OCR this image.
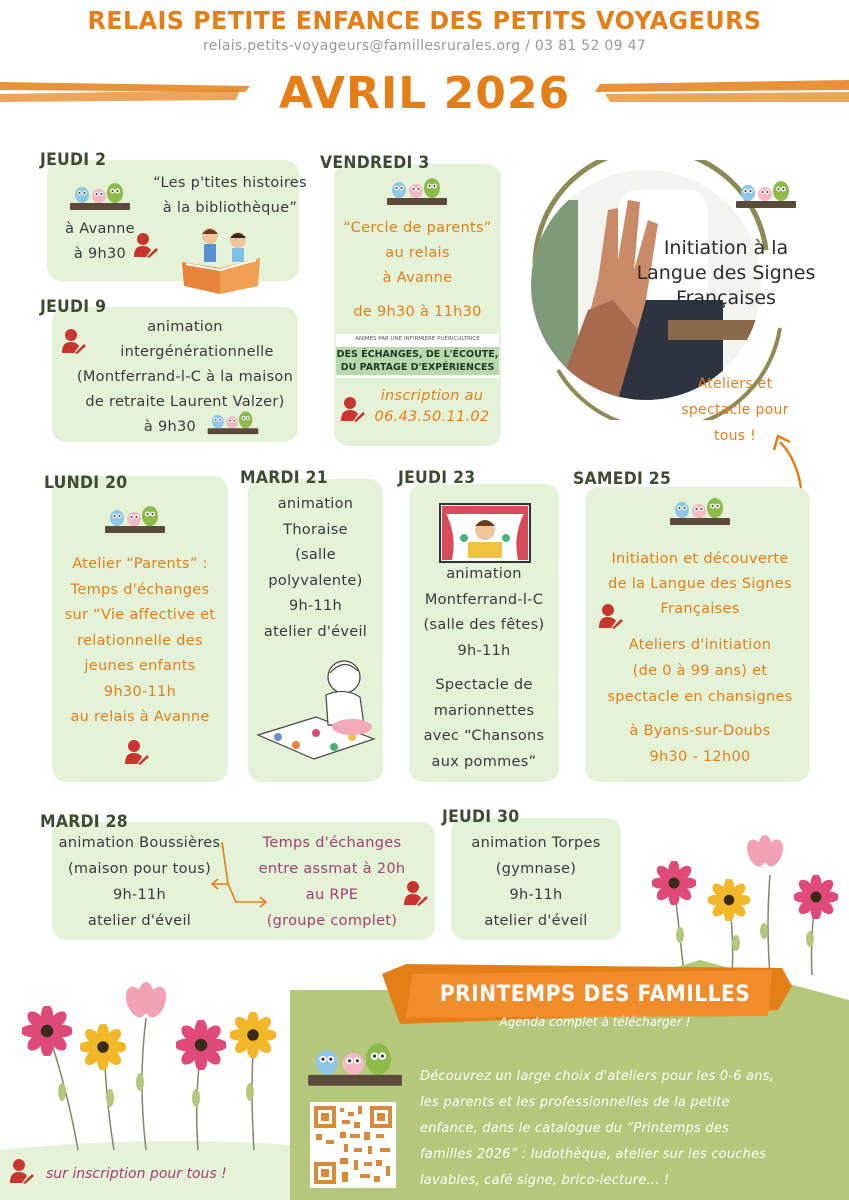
RELAIS PETITE ENFANCE DES PETITS VOYAGEURS
relais.petits-voyageurs@famillesrurales.org / 03 81 52 09 47
AVRIL 2026
JEUDI 2
“Les p'tites histoires
à la bibliothèque”
à Avanne
à 9h30
JEUDI 9
animation
intergénérationnelle
(Montferrand-l-C à la maison
de retraite Laurent Valzer)
à 9h30
VENDREDI 3
“Cercle de parents”
au relais
à Avanne
de 9h30 à 11h30
ANIMÉS PAR UNE INFIRMIÈRE PUÉRICULTRICE
DES ÉCHANGES, DE L'ÉCOUTE,
DU PARTAGE D'EXPÉRIENCES
inscription au
06.43.50.11.02
Initiation à la
Langue des Signes
Françaises
Ateliers et
spectacle pour
tous !
LUNDI 20
Atelier “Parents” :
Temps d'échanges
sur “Vie affective et
relationnelle des
jeunes enfants
9h30-11h
au relais à Avanne
MARDI 21
animation
Thoraise
(salle
polyvalente)
9h-11h
atelier d'éveil
JEUDI 23
animation
Montferrand-l-C
(salle des fêtes)
9h-11h
Spectacle de
marionnettes
avec “Chansons
aux pommes”
SAMEDI 25
Initiation et découverte
de la Langue des Signes
Françaises
Ateliers d'initiation
(de 0 à 99 ans) et
spectacle en chansignes
à Byans-sur-Doubs
9h30 - 12h00
MARDI 28
animation Boussières
(maison pour tous)
9h-11h
atelier d'éveil
Temps d'échanges
entre assmat à 20h
au RPE
(groupe complet)
JEUDI 30
animation Torpes
(gymnase)
9h-11h
atelier d'éveil
PRINTEMPS DES FAMILLES
Agenda complet à télécharger !
Découvrez un large choix d'ateliers pour les 0-6 ans,
les parents et les professionnelles de la petite
enfance, dans le catalogue du “Printemps des
familles 2026” : ludothèque, atelier sur les couches
lavables, café signe, brico-lecture... !
sur inscription pour tous !
